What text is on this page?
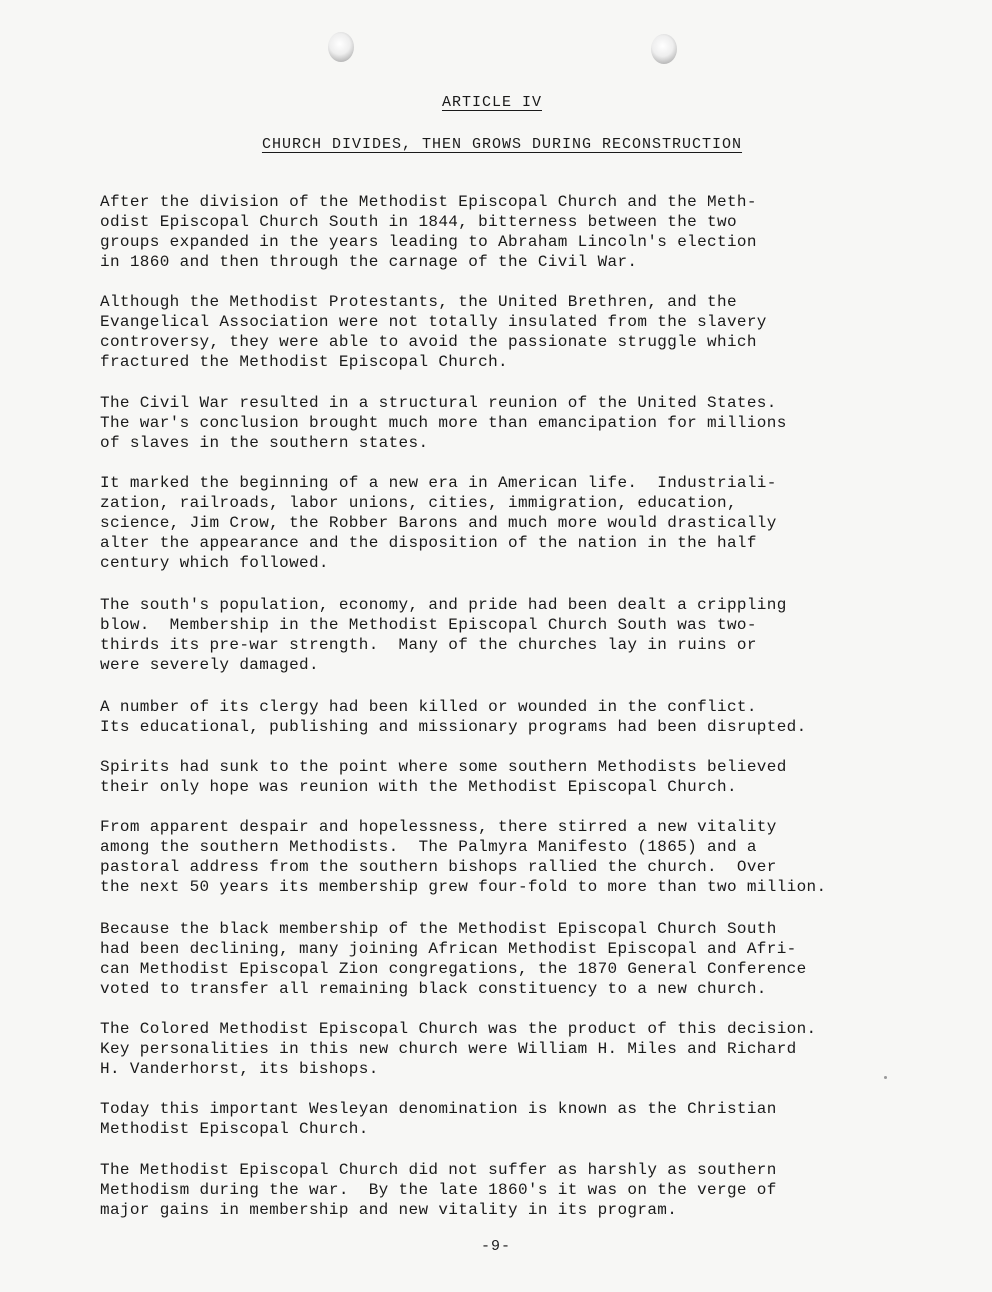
ARTICLE IV
CHURCH DIVIDES, THEN GROWS DURING RECONSTRUCTION

After the division of the Methodist Episcopal Church and the Meth-
odist Episcopal Church South in 1844, bitterness between the two
groups expanded in the years leading to Abraham Lincoln's election
in 1860 and then through the carnage of the Civil War.

Although the Methodist Protestants, the United Brethren, and the
Evangelical Association were not totally insulated from the slavery
controversy, they were able to avoid the passionate struggle which
fractured the Methodist Episcopal Church.

The Civil War resulted in a structural reunion of the United States.
The war's conclusion brought much more than emancipation for millions
of slaves in the southern states.

It marked the beginning of a new era in American life.  Industriali-
zation, railroads, labor unions, cities, immigration, education,
science, Jim Crow, the Robber Barons and much more would drastically
alter the appearance and the disposition of the nation in the half
century which followed.

The south's population, economy, and pride had been dealt a crippling
blow.  Membership in the Methodist Episcopal Church South was two-
thirds its pre-war strength.  Many of the churches lay in ruins or
were severely damaged.

A number of its clergy had been killed or wounded in the conflict.
Its educational, publishing and missionary programs had been disrupted.

Spirits had sunk to the point where some southern Methodists believed
their only hope was reunion with the Methodist Episcopal Church.

From apparent despair and hopelessness, there stirred a new vitality
among the southern Methodists.  The Palmyra Manifesto (1865) and a
pastoral address from the southern bishops rallied the church.  Over
the next 50 years its membership grew four-fold to more than two million.

Because the black membership of the Methodist Episcopal Church South
had been declining, many joining African Methodist Episcopal and Afri-
can Methodist Episcopal Zion congregations, the 1870 General Conference
voted to transfer all remaining black constituency to a new church.

The Colored Methodist Episcopal Church was the product of this decision.
Key personalities in this new church were William H. Miles and Richard
H. Vanderhorst, its bishops.

Today this important Wesleyan denomination is known as the Christian
Methodist Episcopal Church.

The Methodist Episcopal Church did not suffer as harshly as southern
Methodism during the war.  By the late 1860's it was on the verge of
major gains in membership and new vitality in its program.

-9-
